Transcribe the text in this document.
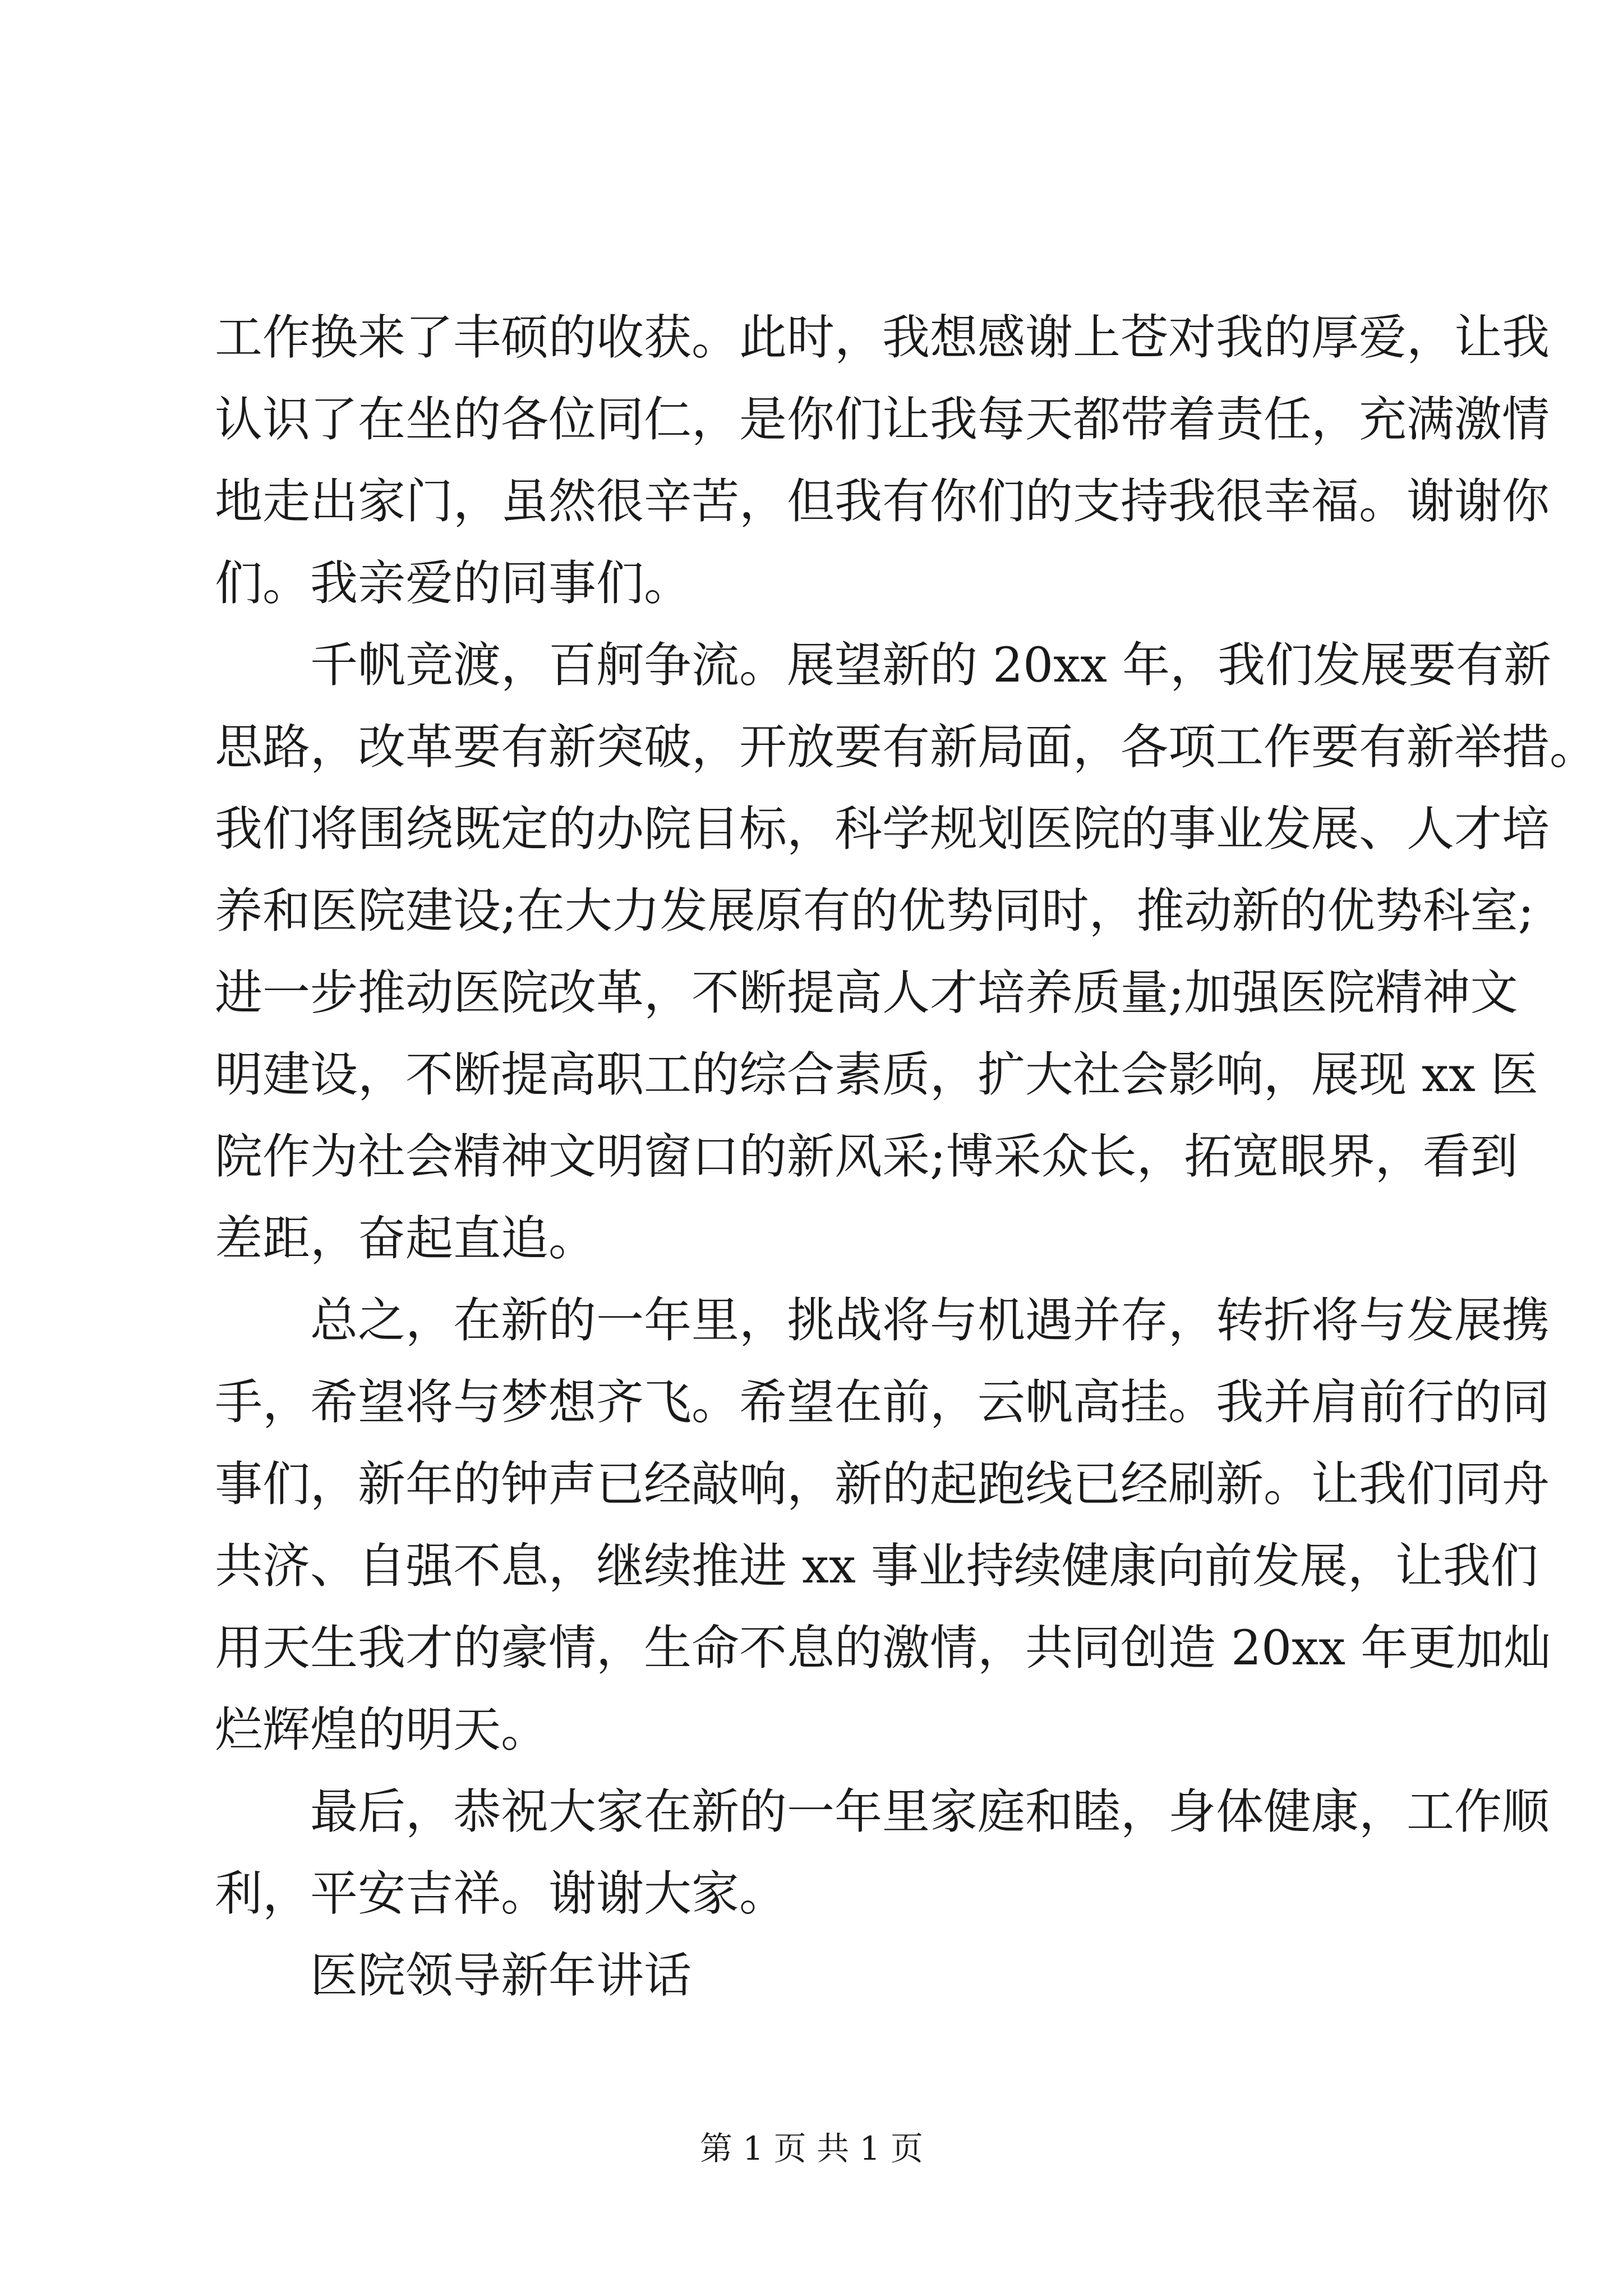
工作换来了丰硕的收获。此时，我想感谢上苍对我的厚爱，让我
认识了在坐的各位同仁，是你们让我每天都带着责任，充满激情
地走出家门，虽然很辛苦，但我有你们的支持我很幸福。谢谢你
们。我亲爱的同事们。
千帆竞渡，百舸争流。展望新的 20xx 年，我们发展要有新
思路，改革要有新突破，开放要有新局面，各项工作要有新举措。
我们将围绕既定的办院目标，科学规划医院的事业发展、人才培
养和医院建设;在大力发展原有的优势同时，推动新的优势科室;
进一步推动医院改革，不断提高人才培养质量;加强医院精神文
明建设，不断提高职工的综合素质，扩大社会影响，展现 xx 医
院作为社会精神文明窗口的新风采;博采众长，拓宽眼界，看到
差距，奋起直追。
总之，在新的一年里，挑战将与机遇并存，转折将与发展携
手，希望将与梦想齐飞。希望在前，云帆高挂。我并肩前行的同
事们，新年的钟声已经敲响，新的起跑线已经刷新。让我们同舟
共济、自强不息，继续推进 xx 事业持续健康向前发展，让我们
用天生我才的豪情，生命不息的激情，共同创造 20xx 年更加灿
烂辉煌的明天。
最后，恭祝大家在新的一年里家庭和睦，身体健康，工作顺
利，平安吉祥。谢谢大家。
医院领导新年讲话
第 1 页 共 1 页
